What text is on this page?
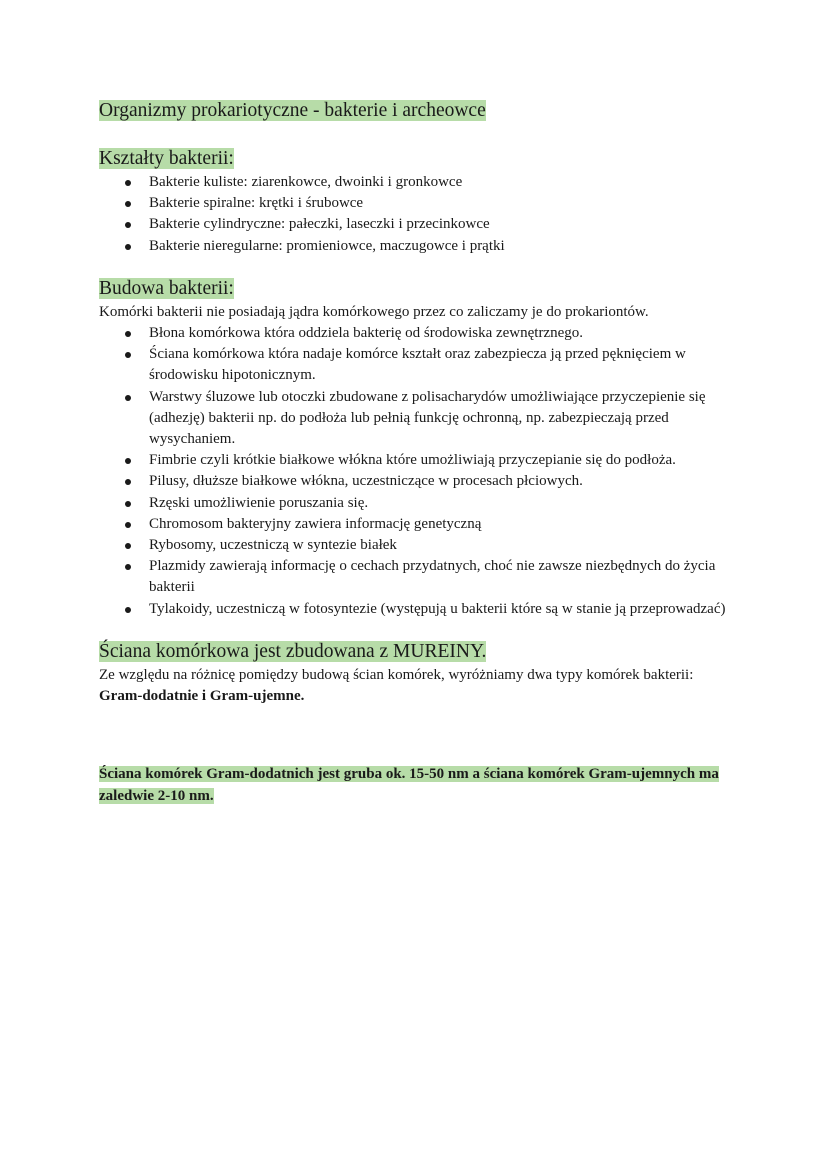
Organizmy prokariotyczne - bakterie i archeowce
Kształty bakterii:
Bakterie kuliste: ziarenkowce, dwoinki i gronkowce
Bakterie spiralne: krętki i śrubowce
Bakterie cylindryczne: pałeczki, laseczki i przecinkowce
Bakterie nieregularne: promieniowce, maczugowce i prątki
Budowa bakterii:

Komórki bakterii nie posiadają jądra komórkowego przez co zaliczamy je do prokariontów.

Błona komórkowa która oddziela bakterię od środowiska zewnętrznego.
Ściana komórkowa która nadaje komórce kształt oraz zabezpiecza ją przed pęknięciem w środowisku hipotonicznym.
Warstwy śluzowe lub otoczki zbudowane z polisacharydów umożliwiające przyczepienie się (adhezję) bakterii np. do podłoża lub pełnią funkcję ochronną, np. zabezpieczają przed wysychaniem.
Fimbrie czyli krótkie białkowe włókna które umożliwiają przyczepianie się do podłoża.
Pilusy, dłuższe białkowe włókna, uczestniczące w procesach płciowych.
Rzęski umożliwienie poruszania się.
Chromosom bakteryjny zawiera informację genetyczną
Rybosomy, uczestniczą w syntezie białek
Plazmidy zawierają informację o cechach przydatnych, choć nie zawsze niezbędnych do życia bakterii
Tylakoidy, uczestniczą w fotosyntezie (występują u bakterii które są w stanie ją przeprowadzać)
Ściana komórkowa jest zbudowana z MUREINY.

Ze względu na różnicę pomiędzy budową ścian komórek, wyróżniamy dwa typy komórek bakterii: Gram-dodatnie i Gram-ujemne.

Ściana komórek Gram-dodatnich jest gruba ok. 15-50 nm a ściana komórek Gram-ujemnych ma zaledwie 2-10 nm.
